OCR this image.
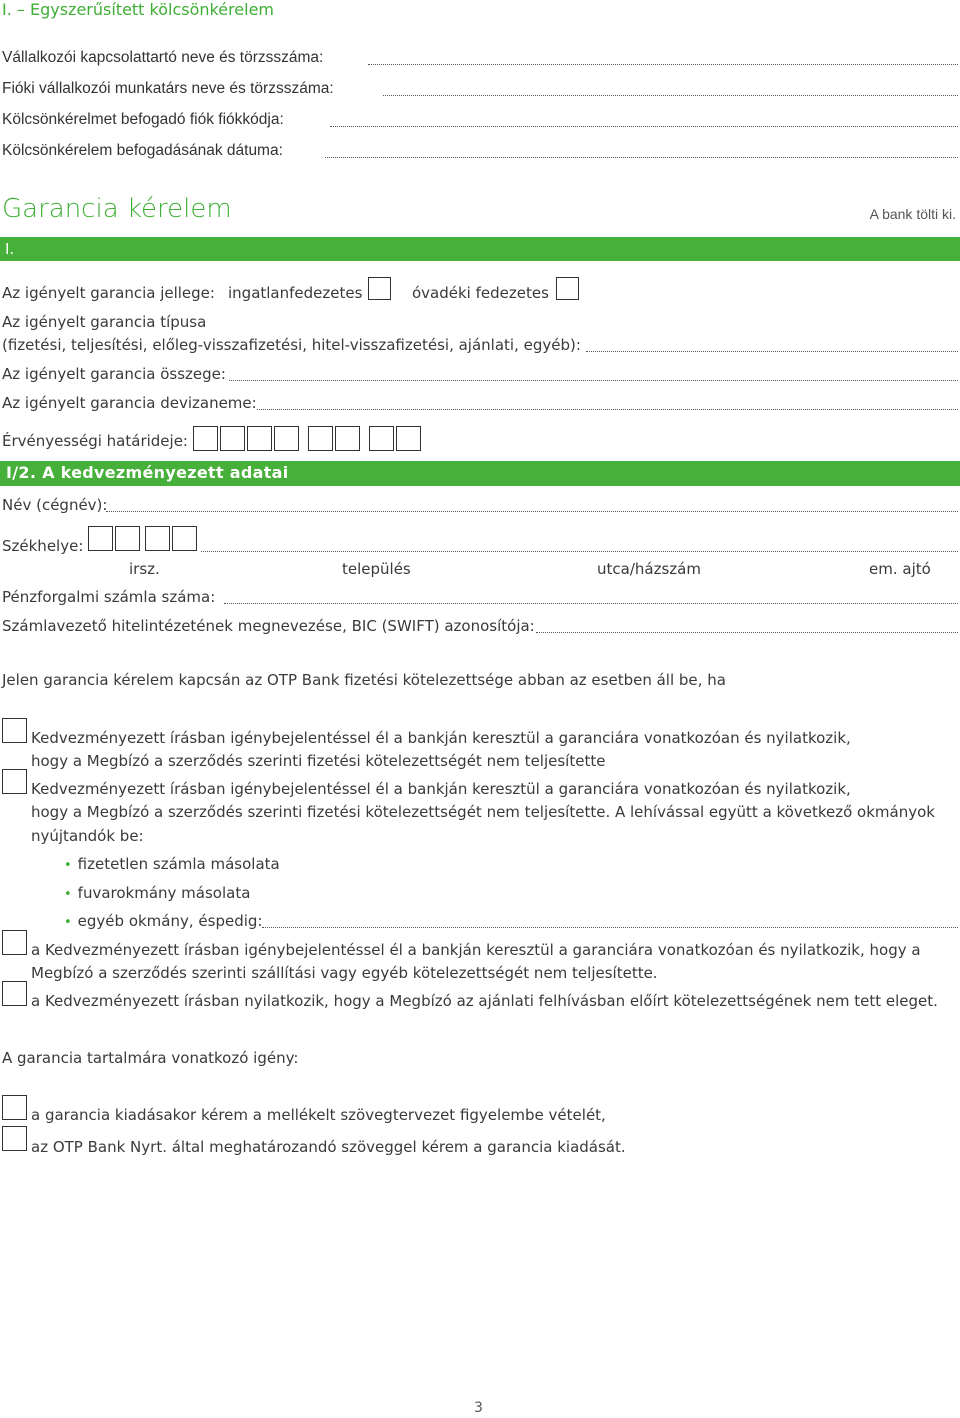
I. – Egyszerűsített kölcsönkérelem
Vállalkozói kapcsolattartó neve és törzsszáma:
Fióki vállalkozói munkatárs neve és törzsszáma:
Kölcsönkérelmet befogadó fiók fiókkódja:
Kölcsönkérelem befogadásának dátuma:
Garancia kérelem	A bank tölti ki.
I.
Az igényelt garancia jellege: ingatlanfedezetes	óvadéki fedezetes
Az igényelt garancia típusa
(fizetési, teljesítési, előleg-visszafizetési, hitel-visszafizetési, ajánlati, egyéb):
Az igényelt garancia összege:
Az igényelt garancia devizaneme:
Érvényességi határideje:
I/2. A kedvezményezett adatai
Név (cégnév):
Székhelye:
irsz.	település	utca/házszám	em. ajtó
Pénzforgalmi számla száma:
Számlavezető hitelintézetének megnevezése, BIC (SWIFT) azonosítója:
Jelen garancia kérelem kapcsán az OTP Bank fizetési kötelezettsége abban az esetben áll be, ha
Kedvezményezett írásban igénybejelentéssel él a bankján keresztül a garanciára vonatkozóan és nyilatkozik,
hogy a Megbízó a szerződés szerinti fizetési kötelezettségét nem teljesítette
Kedvezményezett írásban igénybejelentéssel él a bankján keresztül a garanciára vonatkozóan és nyilatkozik,
hogy a Megbízó a szerződés szerinti fizetési kötelezettségét nem teljesítette. A lehívással együtt a következő okmányok
nyújtandók be:
• fizetetlen számla másolata
• fuvarokmány másolata
• egyéb okmány, éspedig:
a Kedvezményezett írásban igénybejelentéssel él a bankján keresztül a garanciára vonatkozóan és nyilatkozik, hogy a
Megbízó a szerződés szerinti szállítási vagy egyéb kötelezettségét nem teljesítette.
a Kedvezményezett írásban nyilatkozik, hogy a Megbízó az ajánlati felhívásban előírt kötelezettségének nem tett eleget.
A garancia tartalmára vonatkozó igény:
a garancia kiadásakor kérem a mellékelt szövegtervezet figyelembe vételét,
az OTP Bank Nyrt. által meghatározandó szöveggel kérem a garancia kiadását.
3
